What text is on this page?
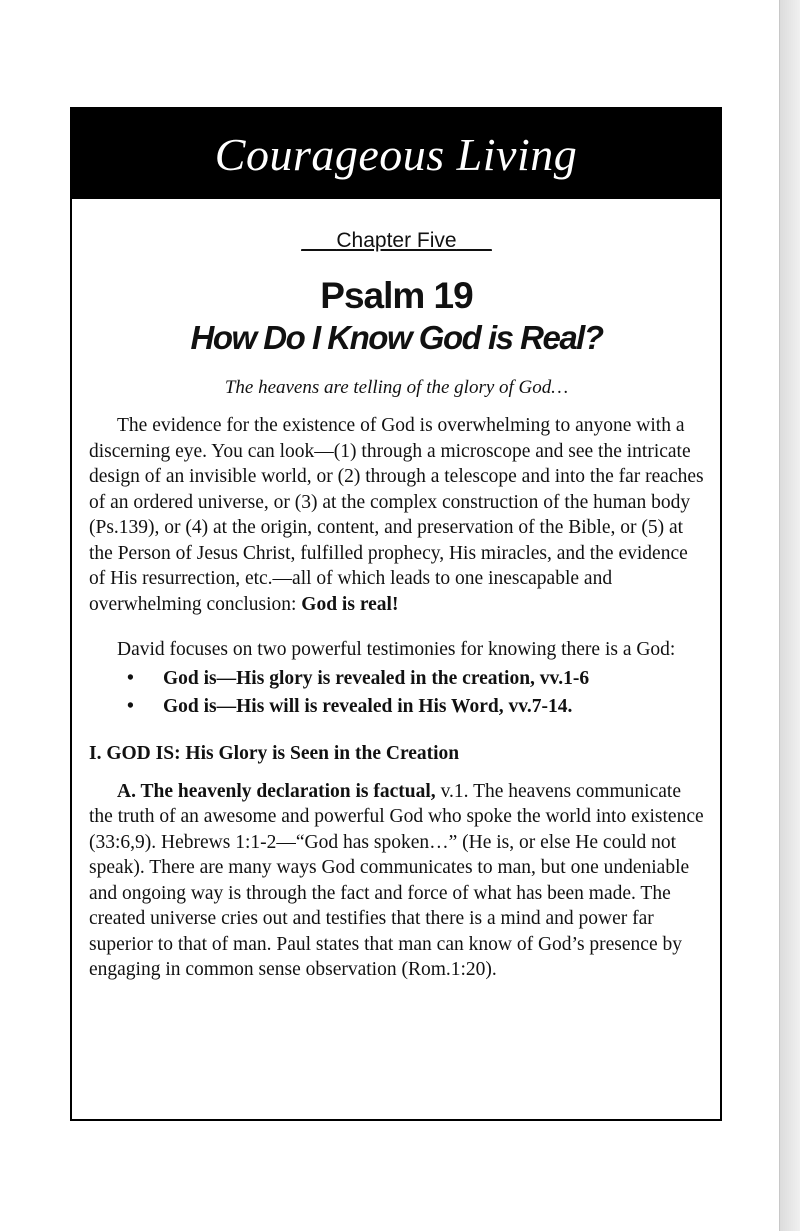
Courageous Living
___Chapter Five___
Psalm 19
How Do I Know God is Real?
The heavens are telling of the glory of God…

The evidence for the existence of God is overwhelming to anyone with a discerning eye. You can look—(1) through a microscope and see the intricate design of an invisible world, or (2) through a telescope and into the far reaches of an ordered universe, or (3) at the complex construction of the human body (Ps.139), or (4) at the origin, content, and preservation of the Bible, or (5) at the Person of Jesus Christ, fulfilled prophecy, His miracles, and the evidence of His resurrection, etc.—all of which leads to one inescapable and overwhelming conclusion: God is real!

David focuses on two powerful testimonies for knowing there is a God:

• God is—His glory is revealed in the creation, vv.1-6
• God is—His will is revealed in His Word, vv.7-14.
I. GOD IS: His Glory is Seen in the Creation

A. The heavenly declaration is factual, v.1. The heavens communicate the truth of an awesome and powerful God who spoke the world into existence (33:6,9). Hebrews 1:1-2—“God has spoken…” (He is, or else He could not speak). There are many ways God communicates to man, but one undeniable and ongoing way is through the fact and force of what has been made. The created universe cries out and testifies that there is a mind and power far superior to that of man. Paul states that man can know of God’s presence by engaging in common sense observation (Rom.1:20).
